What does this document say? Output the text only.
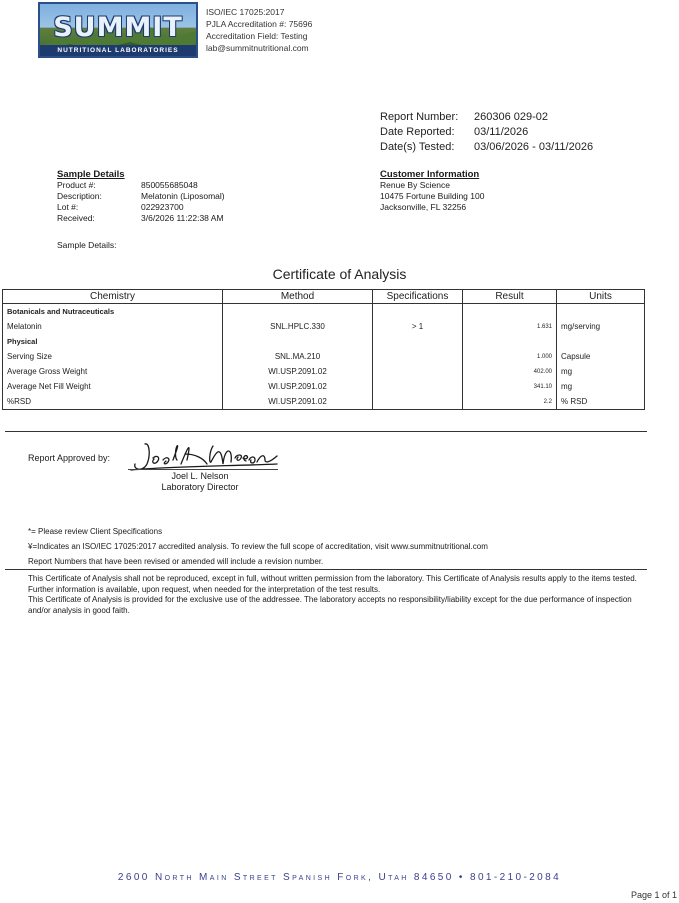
SUMMIT
NUTRITIONAL LABORATORIES
ISO/IEC 17025:2017
PJLA Accreditation #: 75696
Accreditation Field: Testing
lab@summitnutritional.com
Report Number:	260306 029-02
Date Reported:	03/11/2026
Date(s) Tested:	03/06/2026 - 03/11/2026
Sample Details
Product #:	850055685048
Description:	Melatonin (Liposomal)
Lot #:	022923700
Received:	3/6/2026 11:22:38 AM
Customer Information
Renue By Science
10475 Fortune Building 100
Jacksonville, FL 32256
Sample Details:
Certificate of Analysis
Chemistry	Method	Specifications	Result	Units
Botanicals and Nutraceuticals				
Melatonin	SNL.HPLC.330	> 1	1.631	mg/serving
Physical				
Serving Size	SNL.MA.210		1.000	Capsule
Average Gross Weight	WI.USP.2091.02		402.00	mg
Average Net Fill Weight	WI.USP.2091.02		341.10	mg
%RSD	WI.USP.2091.02		2.2	% RSD
Report Approved by:
Joel L. Nelson
Laboratory Director
*= Please review Client Specifications
¥=Indicates an ISO/IEC 17025:2017 accredited analysis. To review the full scope of accreditation, visit www.summitnutritional.com
Report Numbers that have been revised or amended will include a revision number.
This Certificate of Analysis shall not be reproduced, except in full, without written permission from the laboratory. This Certificate of Analysis results apply to the items tested. Further information is available, upon request, when needed for the interpretation of the test results.
This Certificate of Analysis is provided for the exclusive use of the addressee. The laboratory accepts no responsibility/liability except for the due performance of inspection and/or analysis in good faith.
2600 North Main Street Spanish Fork, Utah 84650 • 801-210-2084
Page 1 of 1
